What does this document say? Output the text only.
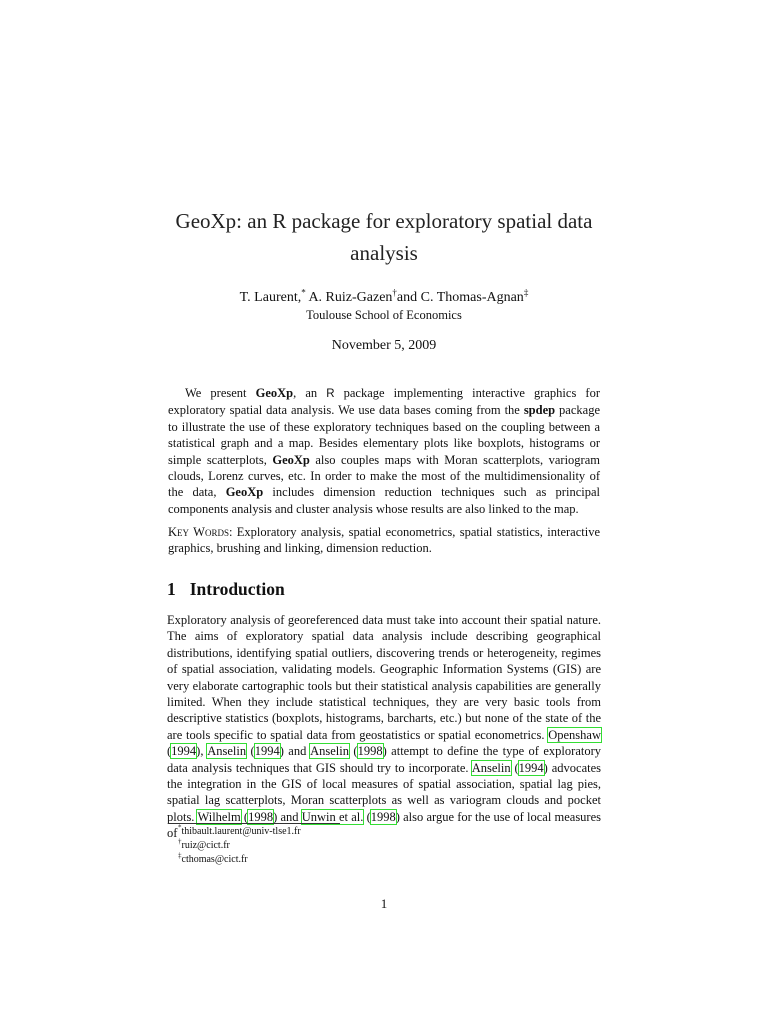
GeoXp: an R package for exploratory spatial data analysis
T. Laurent,* A. Ruiz-Gazen†and C. Thomas-Agnan‡
Toulouse School of Economics
November 5, 2009

We present GeoXp, an R package implementing interactive graphics for exploratory spatial data analysis. We use data bases coming from the spdep package to illustrate the use of these exploratory techniques based on the coupling between a statistical graph and a map. Besides elementary plots like boxplots, histograms or simple scatterplots, GeoXp also couples maps with Moran scatterplots, variogram clouds, Lorenz curves, etc. In order to make the most of the multidimensionality of the data, GeoXp includes dimension reduction techniques such as principal components analysis and cluster analysis whose results are also linked to the map.

Key Words: Exploratory analysis, spatial econometrics, spatial statistics, interactive graphics, brushing and linking, dimension reduction.

1 Introduction

Exploratory analysis of georeferenced data must take into account their spatial nature. The aims of exploratory spatial data analysis include describing geographical distributions, identifying spatial outliers, discovering trends or heterogeneity, regimes of spatial association, validating models. Geographic Information Systems (GIS) are very elaborate cartographic tools but their statistical analysis capabilities are generally limited. When they include statistical techniques, they are very basic tools from descriptive statistics (boxplots, histograms, barcharts, etc.) but none of the state of the are tools specific to spatial data from geostatistics or spatial econometrics. Openshaw (1994), Anselin (1994) and Anselin (1998) attempt to define the type of exploratory data analysis techniques that GIS should try to incorporate. Anselin (1994) advocates the integration in the GIS of local measures of spatial association, spatial lag pies, spatial lag scatterplots, Moran scatterplots as well as variogram clouds and pocket plots. Wilhelm (1998) and Unwin et al. (1998) also argue for the use of local measures of *thibault.laurent@univ-tlse1.fr
†ruiz@cict.fr
‡cthomas@cict.fr
1
